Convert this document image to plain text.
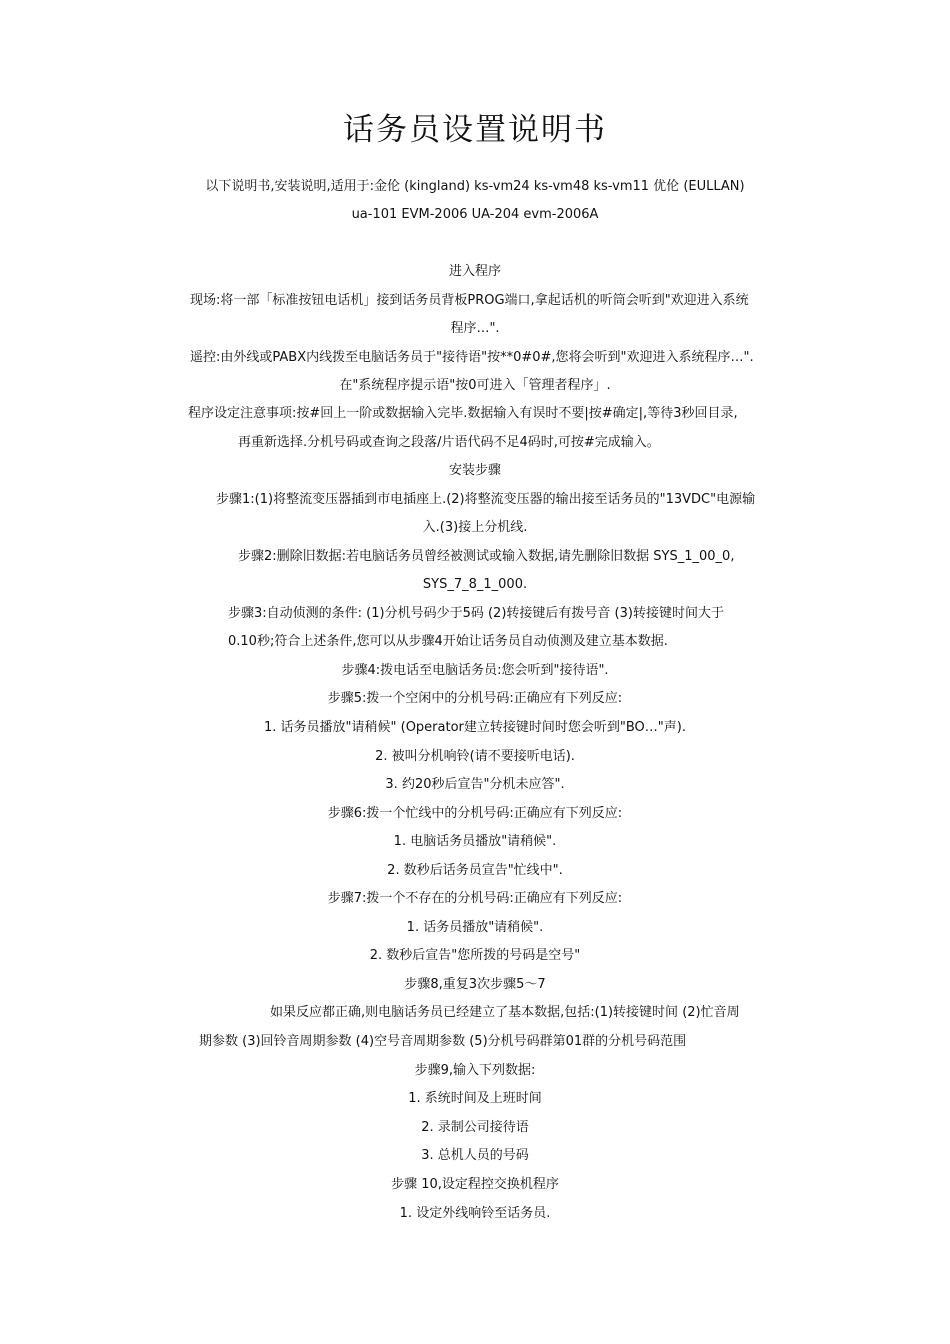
话务员设置说明书
以下说明书,安装说明,适用于:金伦 (kingland) ks-vm24 ks-vm48 ks-vm11 优伦 (EULLAN)
ua-101 EVM-2006 UA-204 evm-2006A
进入程序
现场:将一部「标准按钮电话机」接到话务员背板PROG端口,拿起话机的听筒会听到"欢迎进入系统
程序…".
遥控:由外线或PABX内线拨至电脑话务员于"接待语"按**0#0#,您将会听到"欢迎进入系统程序…".
在"系统程序提示语"按0可进入「管理者程序」.
程序设定注意事项:按#回上一阶或数据输入完毕.数据输入有误时不要|按#确定|,等待3秒回目录,
再重新选择.分机号码或查询之段落/片语代码不足4码时,可按#完成输入。
安装步骤
步骤1:(1)将整流变压器插到市电插座上.(2)将整流变压器的输出接至话务员的"13VDC"电源输
入.(3)接上分机线.
步骤2:删除旧数据:若电脑话务员曾经被测试或输入数据,请先删除旧数据 SYS_1_00_0,
SYS_7_8_1_000.
步骤3:自动侦测的条件: (1)分机号码少于5码 (2)转接键后有拨号音 (3)转接键时间大于
0.10秒;符合上述条件,您可以从步骤4开始让话务员自动侦测及建立基本数据.
步骤4:拨电话至电脑话务员:您会听到"接待语".
步骤5:拨一个空闲中的分机号码:正确应有下列反应:
1. 话务员播放"请稍候" (Operator建立转接键时间时您会听到"BO…"声).
2. 被叫分机响铃(请不要接听电话).
3. 约20秒后宣告"分机未应答".
步骤6:拨一个忙线中的分机号码:正确应有下列反应:
1. 电脑话务员播放"请稍候".
2. 数秒后话务员宣告"忙线中".
步骤7:拨一个不存在的分机号码:正确应有下列反应:
1. 话务员播放"请稍候".
2. 数秒后宣告"您所拨的号码是空号"
步骤8,重复3次步骤5～7
如果反应都正确,则电脑话务员已经建立了基本数据,包括:(1)转接键时间 (2)忙音周
期参数 (3)回铃音周期参数 (4)空号音周期参数 (5)分机号码群第01群的分机号码范围
步骤9,输入下列数据:
1. 系统时间及上班时间
2. 录制公司接待语
3. 总机人员的号码
步骤 10,设定程控交换机程序
1. 设定外线响铃至话务员.
